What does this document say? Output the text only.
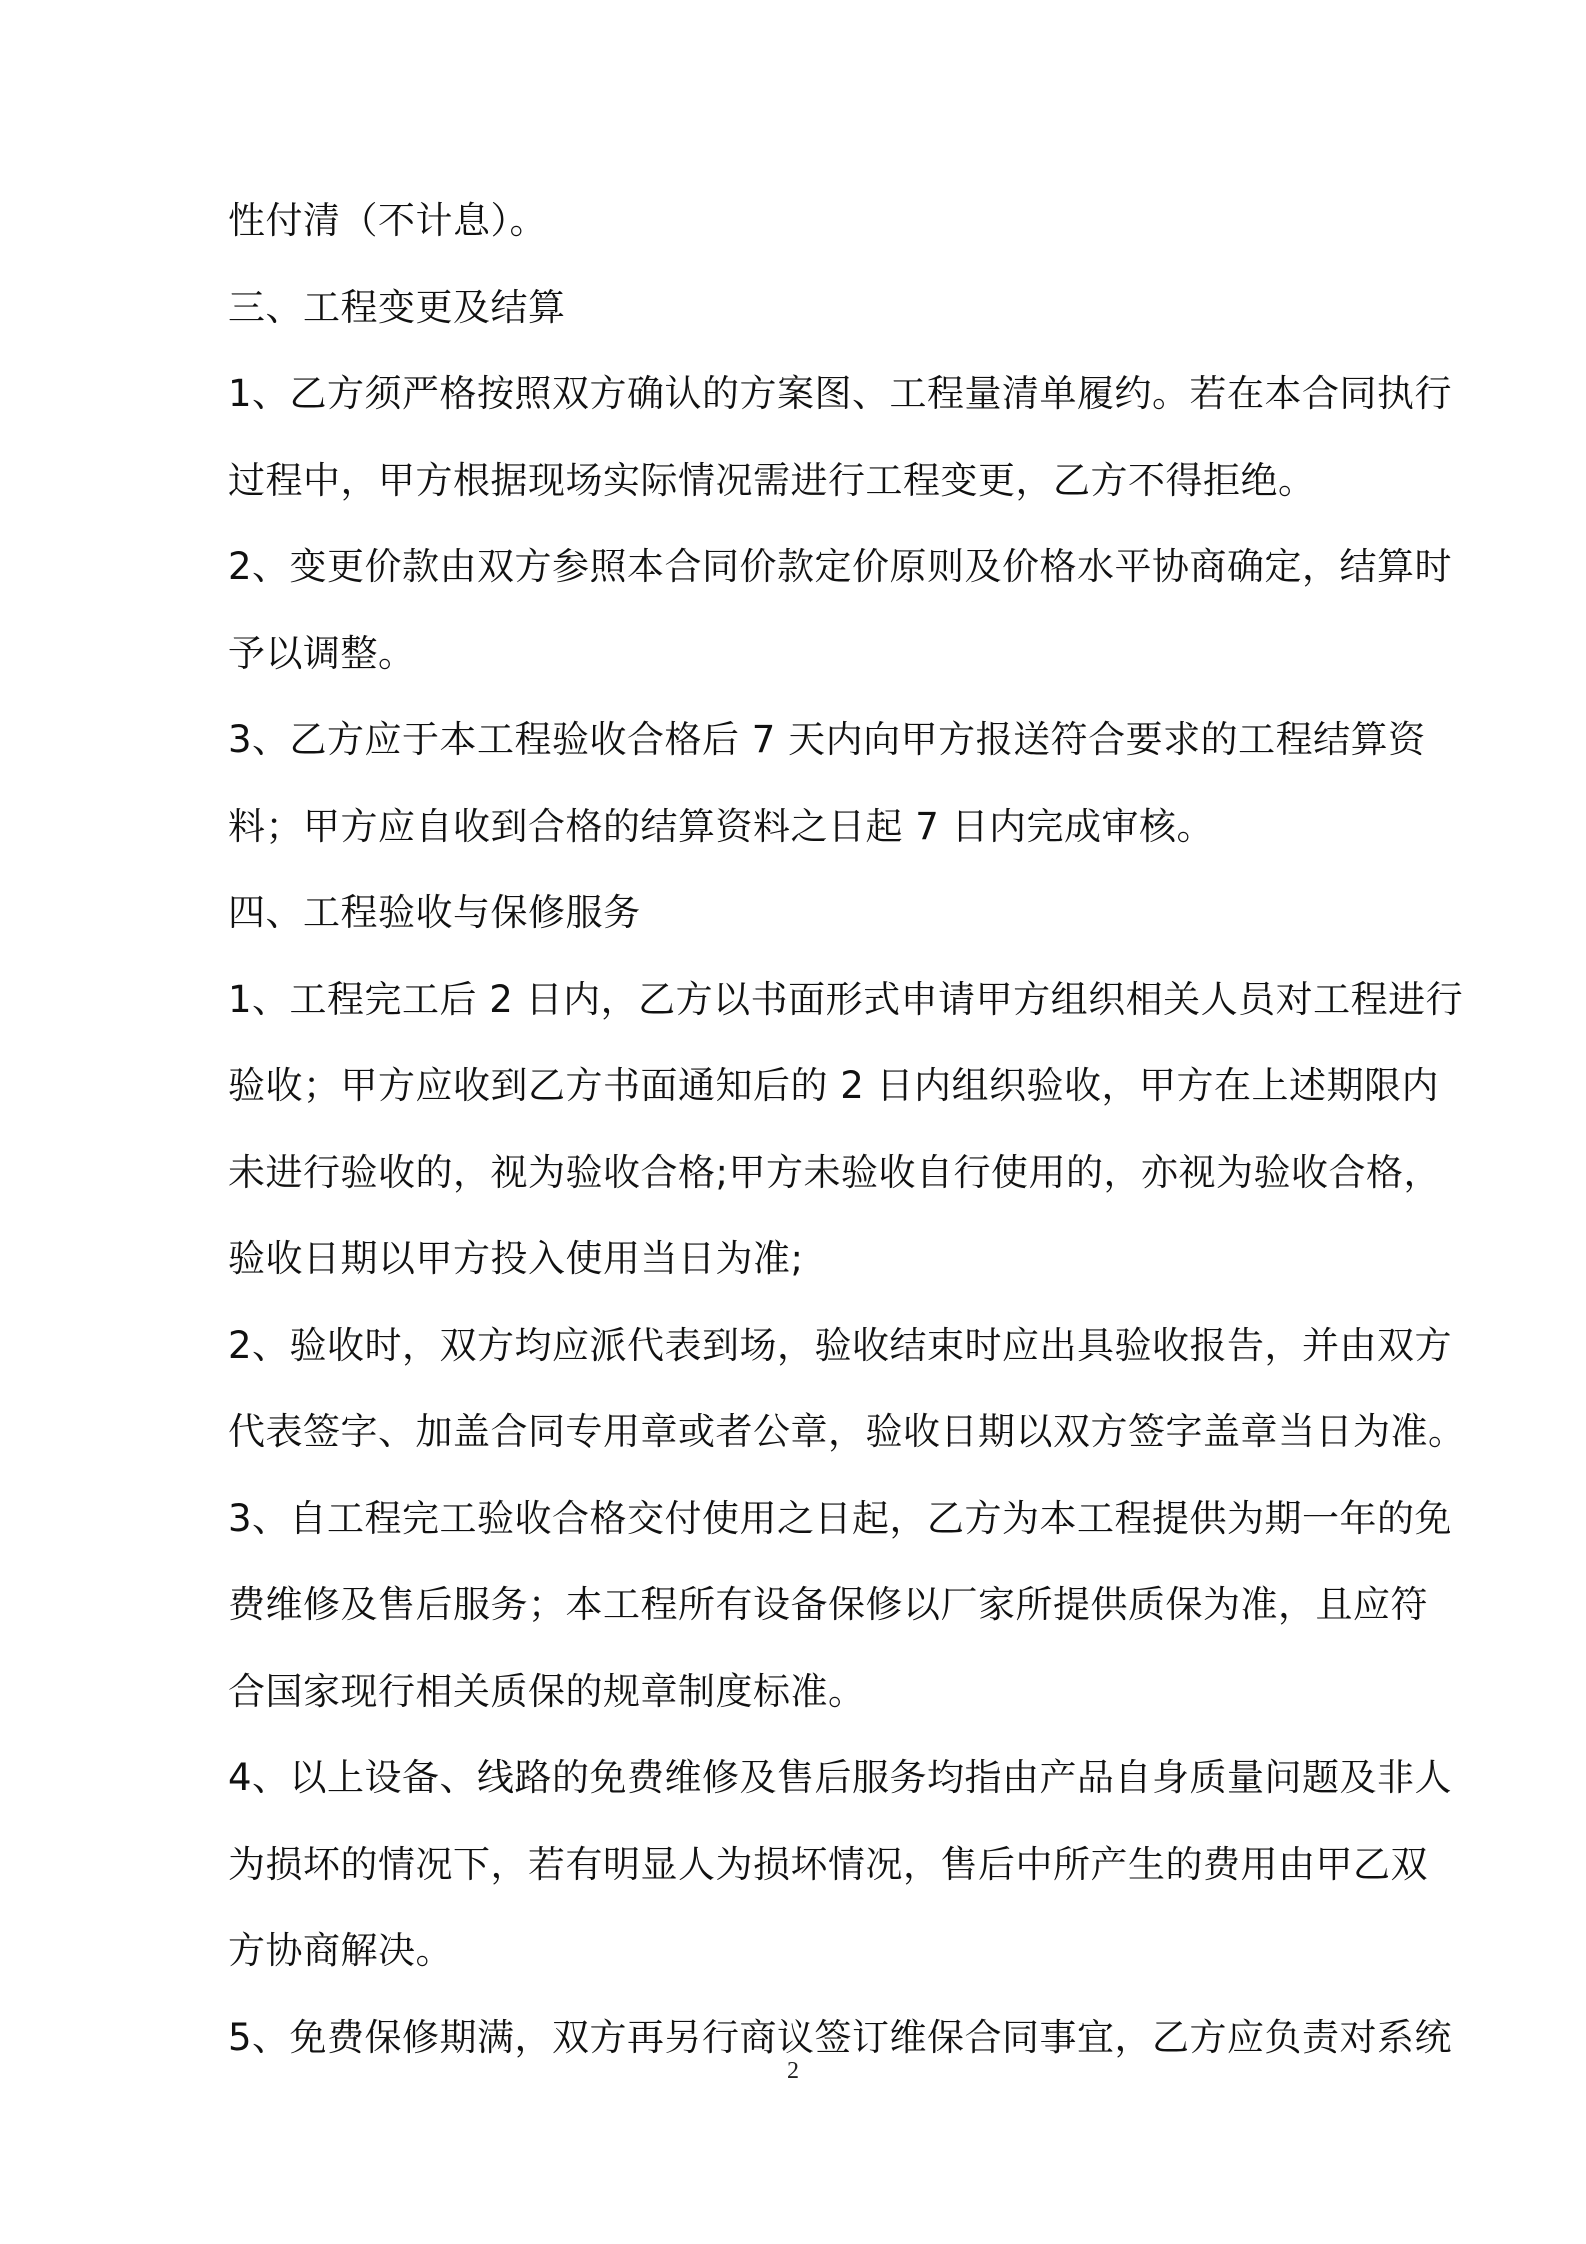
性付清（不计息）。

三、工程变更及结算

1、乙方须严格按照双方确认的方案图、工程量清单履约。若在本合同执行

过程中，甲方根据现场实际情况需进行工程变更，乙方不得拒绝。

2、变更价款由双方参照本合同价款定价原则及价格水平协商确定，结算时

予以调整。

3、乙方应于本工程验收合格后 7 天内向甲方报送符合要求的工程结算资

料；甲方应自收到合格的结算资料之日起 7 日内完成审核。

四、工程验收与保修服务

1、工程完工后 2 日内，乙方以书面形式申请甲方组织相关人员对工程进行

验收；甲方应收到乙方书面通知后的 2 日内组织验收，甲方在上述期限内

未进行验收的，视为验收合格;甲方未验收自行使用的，亦视为验收合格，

验收日期以甲方投入使用当日为准;

2、验收时，双方均应派代表到场，验收结束时应出具验收报告，并由双方

代表签字、加盖合同专用章或者公章，验收日期以双方签字盖章当日为准。

3、自工程完工验收合格交付使用之日起，乙方为本工程提供为期一年的免

费维修及售后服务；本工程所有设备保修以厂家所提供质保为准，且应符

合国家现行相关质保的规章制度标准。

4、以上设备、线路的免费维修及售后服务均指由产品自身质量问题及非人

为损坏的情况下，若有明显人为损坏情况，售后中所产生的费用由甲乙双

方协商解决。

5、免费保修期满，双方再另行商议签订维保合同事宜，乙方应负责对系统

2
